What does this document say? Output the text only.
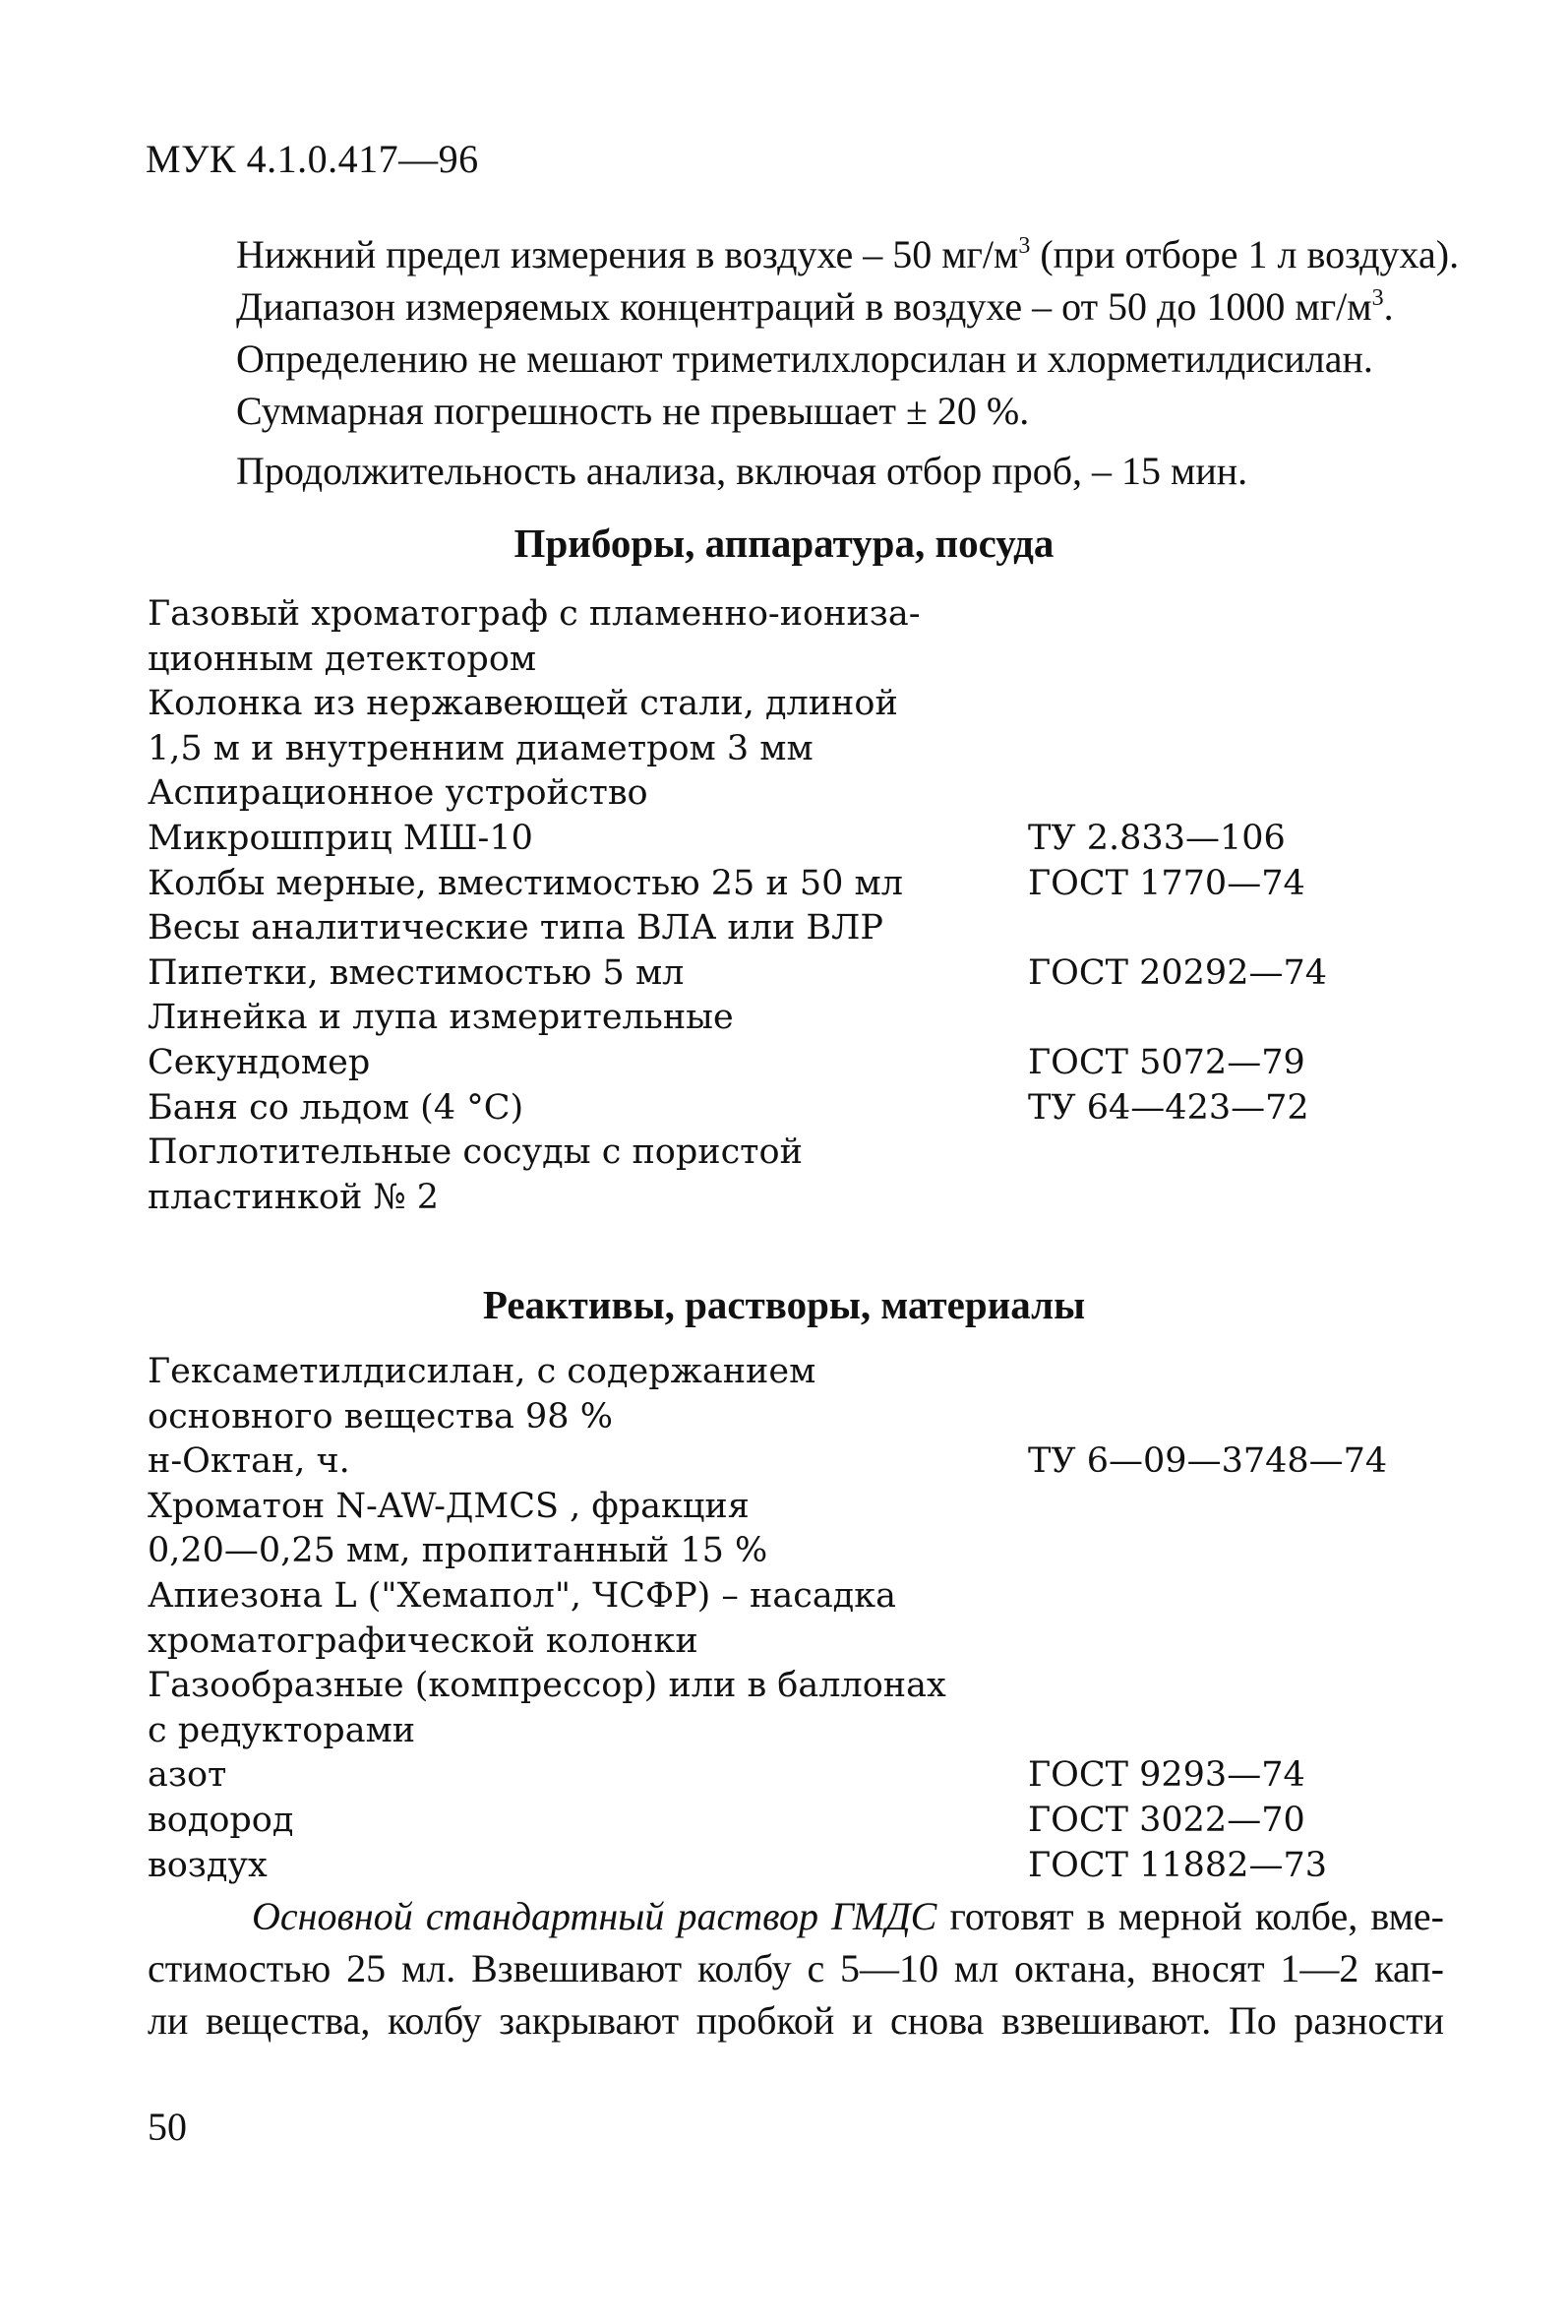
МУК 4.1.0.417—96

Нижний предел измерения в воздухе – 50 $мг/м^3$ (при отборе 1 л воздуха).

Диапазон измеряемых концентраций в воздухе – от 50 до 1000 $мг/м^3$.

Определению не мешают триметилхлорсилан и хлорметилдисилан.

Суммарная погрешность не превышает ± 20 %.

Продолжительность анализа, включая отбор проб, – 15 мин.

Приборы, аппаратура, посуда
Газовый хроматограф с пламенно-иониза-
ционным детектором
Колонка из нержавеющей стали, длиной
1,5 м и внутренним диаметром 3 мм
Аспирационное устройство
Микрошприц МШ-10	ТУ 2.833—106
Колбы мерные, вместимостью 25 и 50 мл	ГОСТ 1770—74
Весы аналитические типа ВЛА или ВЛР
Пипетки, вместимостью 5 мл	ГОСТ 20292—74
Линейка и лупа измерительные
Секундомер	ГОСТ 5072—79
Баня со льдом (4 °С)	ТУ 64—423—72
Поглотительные сосуды с пористой
пластинкой № 2
Реактивы, растворы, материалы
Гексаметилдисилан, с содержанием
основного вещества 98 %
н-Октан, ч.	ТУ 6—09—3748—74
Хроматон N-AW-ДМCS , фракция
0,20—0,25 мм, пропитанный 15 %
Апиезона L ("Хемапол", ЧСФР) – насадка
хроматографической колонки
Газообразные (компрессор) или в баллонах
с редукторами
азот	ГОСТ 9293—74
водород	ГОСТ 3022—70
воздух	ГОСТ 11882—73
Основной стандартный раствор ГМДС готовят в мерной колбе, вме-
стимостью 25 мл. Взвешивают колбу с 5—10 мл октана, вносят 1—2 кап-
ли вещества, колбу закрывают пробкой и снова взвешивают. По разности
50
